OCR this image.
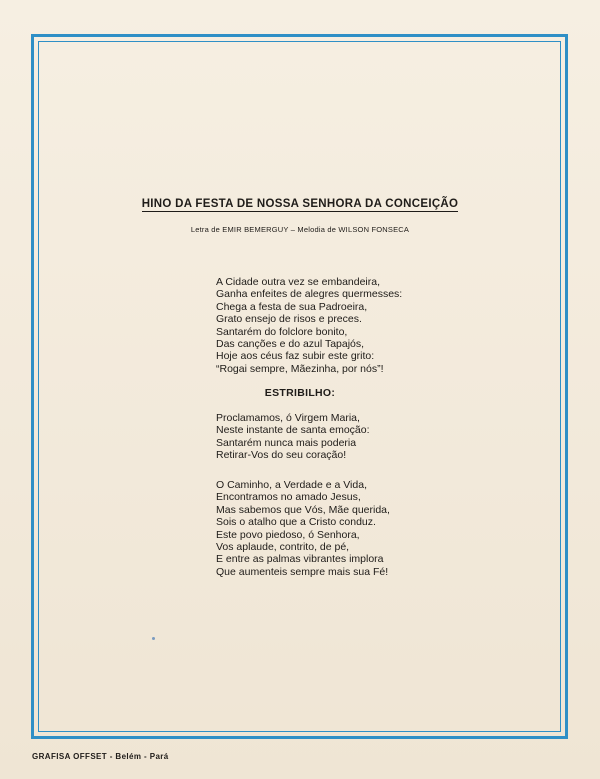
HINO DA FESTA DE NOSSA SENHORA DA CONCEIÇÃO
Letra de EMIR BEMERGUY – Melodia de WILSON FONSECA
A Cidade outra vez se embandeira,
Ganha enfeites de alegres quermesses:
Chega a festa de sua Padroeira,
Grato ensejo de risos e preces.
Santarém do folclore bonito,
Das canções e do azul Tapajós,
Hoje aos céus faz subir este grito:
“Rogai sempre, Mãezinha, por nós”!
ESTRIBILHO:
Proclamamos, ó Virgem Maria,
Neste instante de santa emoção:
Santarém nunca mais poderia
Retirar-Vos do seu coração!
O Caminho, a Verdade e a Vida,
Encontramos no amado Jesus,
Mas sabemos que Vós, Mãe querida,
Sois o atalho que a Cristo conduz.
Este povo piedoso, ó Senhora,
Vos aplaude, contrito, de pé,
E entre as palmas vibrantes implora
Que aumenteis sempre mais sua Fé!
GRAFISA OFFSET - Belém - Pará
